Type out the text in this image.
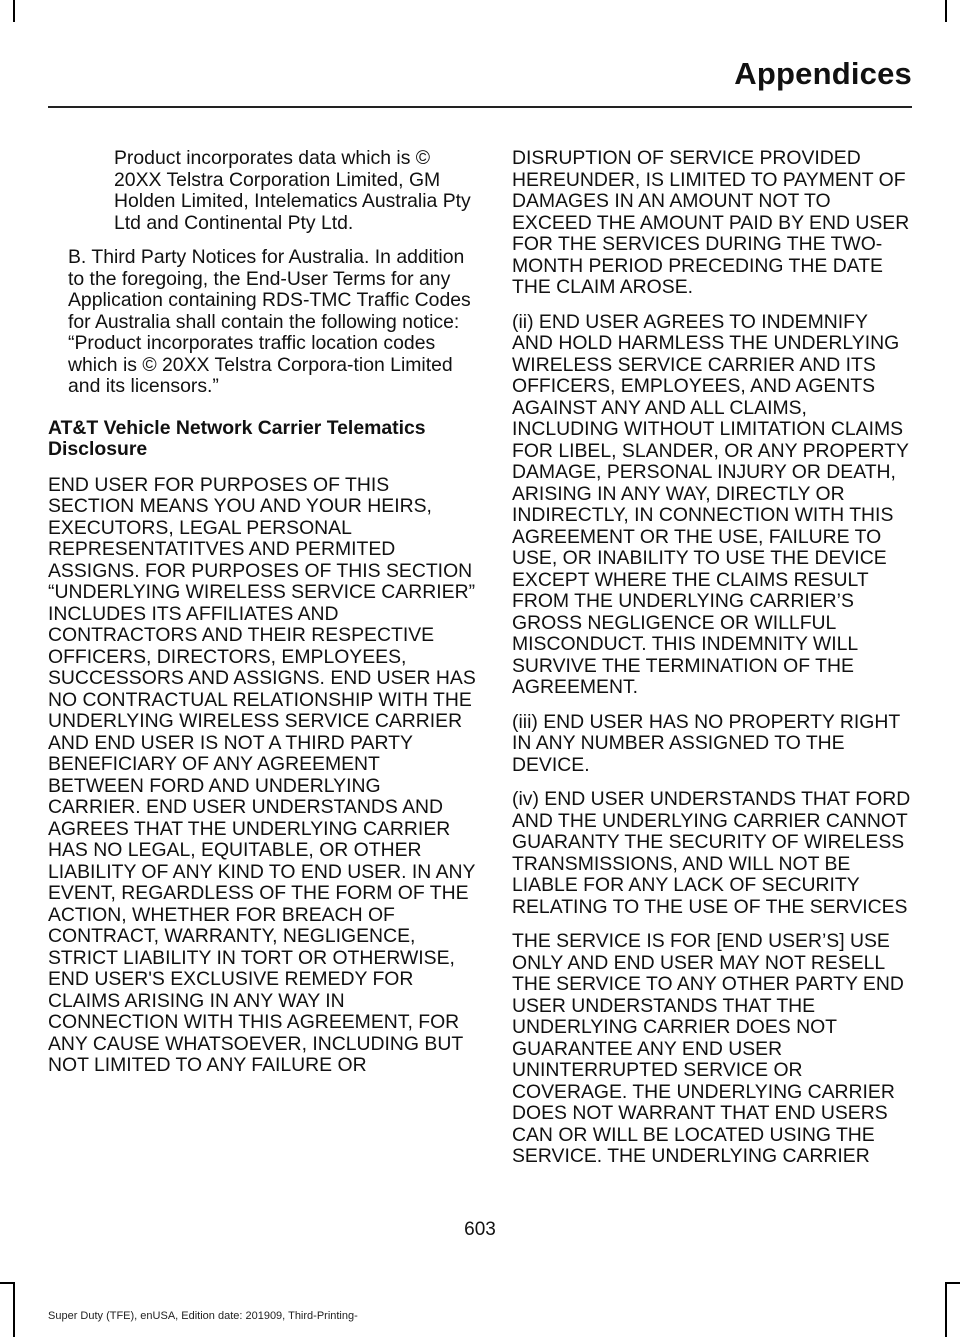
Appendices

Product incorporates data which is © 20XX Telstra Corporation Limited, GM Holden Limited, Intelematics Australia Pty Ltd and Continental Pty Ltd.

B. Third Party Notices for Australia. In addition to the foregoing, the End-User Terms for any Application containing RDS-TMC Traffic Codes for Australia shall contain the following notice: “Product incorporates traffic location codes which is © 20XX Telstra Corpora-tion Limited and its licensors.”

AT&T Vehicle Network Carrier Telematics Disclosure

END USER FOR PURPOSES OF THIS SECTION MEANS YOU AND YOUR HEIRS, EXECUTORS, LEGAL PERSONAL REPRESENTATITVES AND PERMITED ASSIGNS. FOR PURPOSES OF THIS SECTION “UNDERLYING WIRELESS SERVICE CARRIER” INCLUDES ITS AFFILIATES AND CONTRACTORS AND THEIR RESPECTIVE OFFICERS, DIRECTORS, EMPLOYEES, SUCCESSORS AND ASSIGNS. END USER HAS NO CONTRACTUAL RELATIONSHIP WITH THE UNDERLYING WIRELESS SERVICE CARRIER AND END USER IS NOT A THIRD PARTY BENEFICIARY OF ANY AGREEMENT BETWEEN FORD AND UNDERLYING CARRIER. END USER UNDERSTANDS AND AGREES THAT THE UNDERLYING CARRIER HAS NO LEGAL, EQUITABLE, OR OTHER LIABILITY OF ANY KIND TO END USER. IN ANY EVENT, REGARDLESS OF THE FORM OF THE ACTION, WHETHER FOR BREACH OF CONTRACT, WARRANTY, NEGLIGENCE, STRICT LIABILITY IN TORT OR OTHERWISE, END USER'S EXCLUSIVE REMEDY FOR CLAIMS ARISING IN ANY WAY IN CONNECTION WITH THIS AGREEMENT, FOR ANY CAUSE WHATSOEVER, INCLUDING BUT NOT LIMITED TO ANY FAILURE OR

DISRUPTION OF SERVICE PROVIDED HEREUNDER, IS LIMITED TO PAYMENT OF DAMAGES IN AN AMOUNT NOT TO EXCEED THE AMOUNT PAID BY END USER FOR THE SERVICES DURING THE TWO-MONTH PERIOD PRECEDING THE DATE THE CLAIM AROSE.

(ii) END USER AGREES TO INDEMNIFY AND HOLD HARMLESS THE UNDERLYING WIRELESS SERVICE CARRIER AND ITS OFFICERS, EMPLOYEES, AND AGENTS AGAINST ANY AND ALL CLAIMS, INCLUDING WITHOUT LIMITATION CLAIMS FOR LIBEL, SLANDER, OR ANY PROPERTY DAMAGE, PERSONAL INJURY OR DEATH, ARISING IN ANY WAY, DIRECTLY OR INDIRECTLY, IN CONNECTION WITH THIS AGREEMENT OR THE USE, FAILURE TO USE, OR INABILITY TO USE THE DEVICE EXCEPT WHERE THE CLAIMS RESULT FROM THE UNDERLYING CARRIER’S GROSS NEGLIGENCE OR WILLFUL MISCONDUCT. THIS INDEMNITY WILL SURVIVE THE TERMINATION OF THE AGREEMENT.

(iii) END USER HAS NO PROPERTY RIGHT IN ANY NUMBER ASSIGNED TO THE DEVICE.

(iv) END USER UNDERSTANDS THAT FORD AND THE UNDERLYING CARRIER CANNOT GUARANTY THE SECURITY OF WIRELESS TRANSMISSIONS, AND WILL NOT BE LIABLE FOR ANY LACK OF SECURITY RELATING TO THE USE OF THE SERVICES

THE SERVICE IS FOR [END USER’S] USE ONLY AND END USER MAY NOT RESELL THE SERVICE TO ANY OTHER PARTY END USER UNDERSTANDS THAT THE UNDERLYING CARRIER DOES NOT GUARANTEE ANY END USER UNINTERRUPTED SERVICE OR COVERAGE. THE UNDERLYING CARRIER DOES NOT WARRANT THAT END USERS CAN OR WILL BE LOCATED USING THE SERVICE. THE UNDERLYING CARRIER

603
Super Duty (TFE), enUSA, Edition date: 201909, Third-Printing-
